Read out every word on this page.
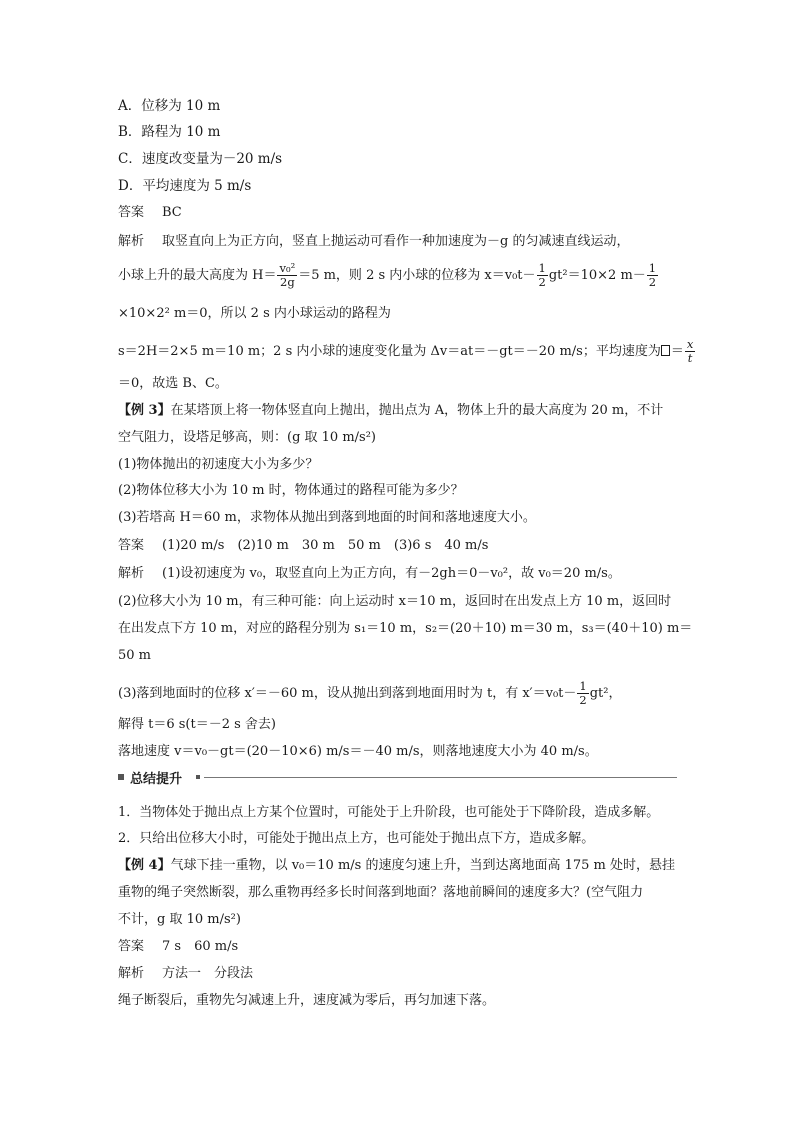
A．位移为 10 m
B．路程为 10 m
C．速度改变量为－20 m/s
D．平均速度为 5 m/s
答案 BC
解析 取竖直向上为正方向，竖直上抛运动可看作一种加速度为－g 的匀减速直线运动，
小球上升的最大高度为 $H= \frac{\text{v₀²}}{2g} =5$ m，则 2 s 内小球的位移为 $x=v_0t- \frac{1}{2} gt^2=10\times 2$ $m- \frac{1}{2}$
×10×2² m＝0，所以 2 s 内小球运动的路程为
s＝2H＝2×5 m＝10 m；2 s 内小球的速度变化量为 Δv＝at＝－gt＝－20 m/s；平均速度为 ＝ $\frac{x}{t}$
＝0，故选 B、C。
【例 3】在某塔顶上将一物体竖直向上抛出，抛出点为 A，物体上升的最大高度为 20 m，不计
空气阻力，设塔足够高，则：(g 取 10 m/s²)
(1)物体抛出的初速度大小为多少？
(2)物体位移大小为 10 m 时，物体通过的路程可能为多少？
(3)若塔高 H＝60 m，求物体从抛出到落到地面的时间和落地速度大小。
答案 (1)20 m/s　(2)10 m　30 m　50 m　(3)6 s　40 m/s
解析 (1)设初速度为 v₀，取竖直向上为正方向，有－2gh＝0－v₀²，故 v₀＝20 m/s。
(2)位移大小为 10 m，有三种可能：向上运动时 x＝10 m，返回时在出发点上方 10 m，返回时
在出发点下方 10 m，对应的路程分别为 s₁＝10 m，s₂＝(20＋10) m＝30 m，s₃＝(40＋10) m＝
50 m
(3)落到地面时的位移 x′＝－60 m，设从抛出到落到地面用时为 t，有 $x'=v_0t- \frac{1}{2} gt^2$，
解得 t＝6 s(t＝－2 s 舍去)
落地速度 v＝v₀－gt＝(20－10×6) m/s＝－40 m/s，则落地速度大小为 40 m/s。
总结提升
1．当物体处于抛出点上方某个位置时，可能处于上升阶段，也可能处于下降阶段，造成多解。
2．只给出位移大小时，可能处于抛出点上方，也可能处于抛出点下方，造成多解。
【例 4】气球下挂一重物，以 v₀＝10 m/s 的速度匀速上升，当到达离地面高 175 m 处时，悬挂
重物的绳子突然断裂，那么重物再经多长时间落到地面？落地前瞬间的速度多大？(空气阻力
不计，g 取 10 m/s²)
答案 7 s　60 m/s
解析 方法一　分段法
绳子断裂后，重物先匀减速上升，速度减为零后，再匀加速下落。
